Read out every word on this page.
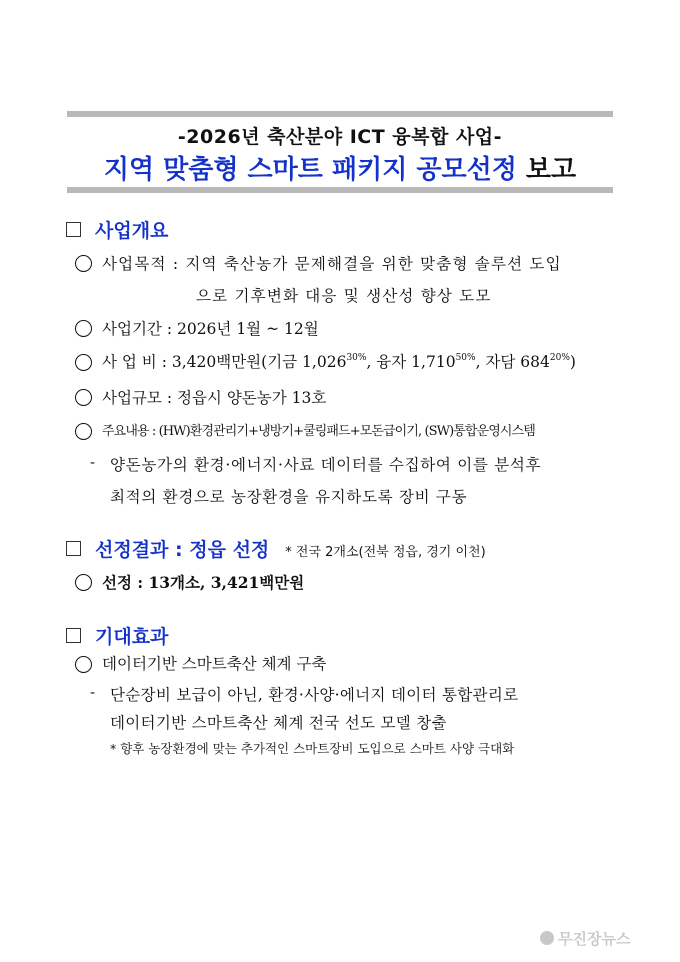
-2026년 축산분야 ICT 융복합 사업-
지역 맞춤형 스마트 패키지 공모선정 보고
사업개요
사업목적 : 지역 축산농가 문제해결을 위한 맞춤형 솔루션 도입
으로 기후변화 대응 및 생산성 향상 도모
사업기간 : 2026년 1월 ~ 12월
사 업 비 : 3,420백만원(기금 $1,026^{30\%}$, 융자 $1,710^{50\%}$, 자담 $684^{20\%}$)
사업규모 : 정읍시 양돈농가 13호
주요내용 : (HW)환경관리기+냉방기+쿨링패드+모돈급이기, (SW)통합운영시스템
- 양돈농가의 환경·에너지·사료 데이터를 수집하여 이를 분석후
최적의 환경으로 농장환경을 유지하도록 장비 구동
선정결과 : 정읍 선정 * 전국 2개소(전북 정읍, 경기 이천)
선정 : 13개소, 3,421백만원
기대효과
데이터기반 스마트축산 체계 구축
- 단순장비 보급이 아닌, 환경·사양·에너지 데이터 통합관리로
데이터기반 스마트축산 체계 전국 선도 모델 창출
* 향후 농장환경에 맞는 추가적인 스마트장비 도입으로 스마트 사양 극대화
무진장뉴스
